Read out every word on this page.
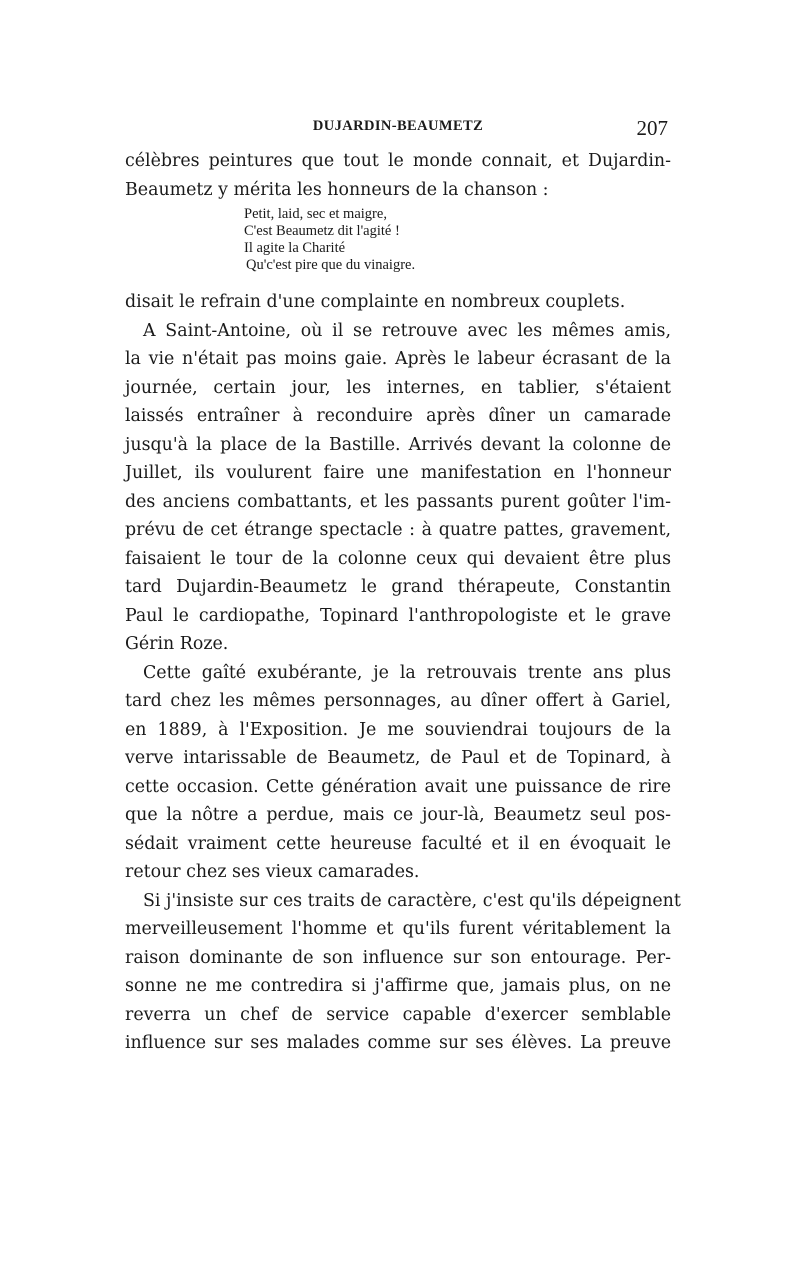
DUJARDIN-BEAUMETZ	207
célèbres peintures que tout le monde connait, et Dujardin-
Beaumetz y mérita les honneurs de la chanson :
Petit, laid, sec et maigre,
C'est Beaumetz dit l'agité !
Il agite la Charité
Qu'c'est pire que du vinaigre.
disait le refrain d'une complainte en nombreux couplets.
A Saint-Antoine, où il se retrouve avec les mêmes amis,
la vie n'était pas moins gaie. Après le labeur écrasant de la
journée, certain jour, les internes, en tablier, s'étaient
laissés entraîner à reconduire après dîner un camarade
jusqu'à la place de la Bastille. Arrivés devant la colonne de
Juillet, ils voulurent faire une manifestation en l'honneur
des anciens combattants, et les passants purent goûter l'im-
prévu de cet étrange spectacle : à quatre pattes, gravement,
faisaient le tour de la colonne ceux qui devaient être plus
tard Dujardin-Beaumetz le grand thérapeute, Constantin
Paul le cardiopathe, Topinard l'anthropologiste et le grave
Gérin Roze.
Cette gaîté exubérante, je la retrouvais trente ans plus
tard chez les mêmes personnages, au dîner offert à Gariel,
en 1889, à l'Exposition. Je me souviendrai toujours de la
verve intarissable de Beaumetz, de Paul et de Topinard, à
cette occasion. Cette génération avait une puissance de rire
que la nôtre a perdue, mais ce jour-là, Beaumetz seul pos-
sédait vraiment cette heureuse faculté et il en évoquait le
retour chez ses vieux camarades.
Si j'insiste sur ces traits de caractère, c'est qu'ils dépeignent
merveilleusement l'homme et qu'ils furent véritablement la
raison dominante de son influence sur son entourage. Per-
sonne ne me contredira si j'affirme que, jamais plus, on ne
reverra un chef de service capable d'exercer semblable
influence sur ses malades comme sur ses élèves. La preuve
